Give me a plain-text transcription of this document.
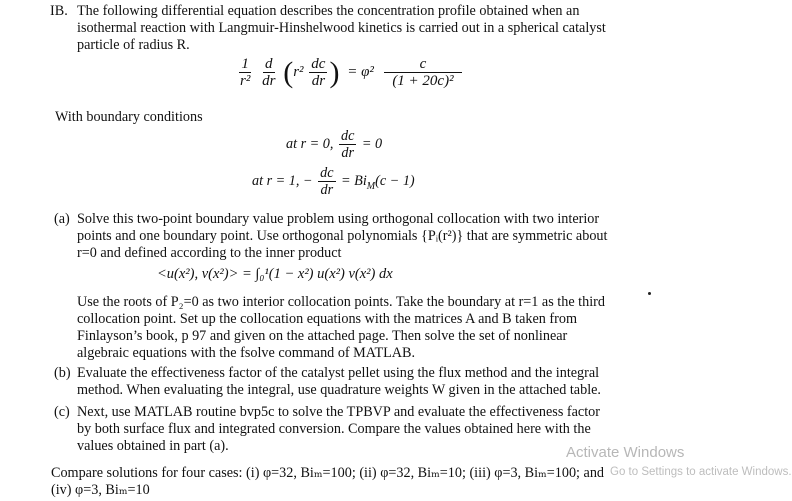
IB. The following differential equation describes the concentration profile obtained when an
isothermal reaction with Langmuir-Hinshelwood kinetics is carried out in a spherical catalyst
particle of radius R.
$\frac{1}{\text{r²}}$
$\frac{d}{dr} (r^2 \frac{dc}{dr}$ ) = $\varphi^2 \frac{c}{\text{(1 + 20c)²}}$
With boundary conditions
at r = 0, $\frac{dc}{dr} = 0$
at r = 1, − $\frac{dc}{dr} = Bi_M(c - 1)$
(a) Solve this two-point boundary value problem using orthogonal collocation with two interior
points and one boundary point. Use orthogonal polynomials {Pᵢ(r²)} that are symmetric about
r=0 and defined according to the inner product
<u(x²), v(x²)> = ∫₀¹(1 − x²) u(x²) v(x²) dx
Use the roots of P₂=0 as two interior collocation points. Take the boundary at r=1 as the third
collocation point. Set up the collocation equations with the matrices A and B taken from
Finlayson’s book, p 97 and given on the attached page. Then solve the set of nonlinear
algebraic equations with the fsolve command of MATLAB.
(b) Evaluate the effectiveness factor of the catalyst pellet using the flux method and the integral
method. When evaluating the integral, use quadrature weights W given in the attached table.
(c) Next, use MATLAB routine bvp5c to solve the TPBVP and evaluate the effectiveness factor
by both surface flux and integrated conversion. Compare the values obtained here with the
values obtained in part (a).
Compare solutions for four cases: (i) φ=32, Biₘ=100; (ii) φ=32, Biₘ=10; (iii) φ=3, Biₘ=100; and
(iv) φ=3, Biₘ=10
Activate Windows
Go to Settings to activate Windows.
